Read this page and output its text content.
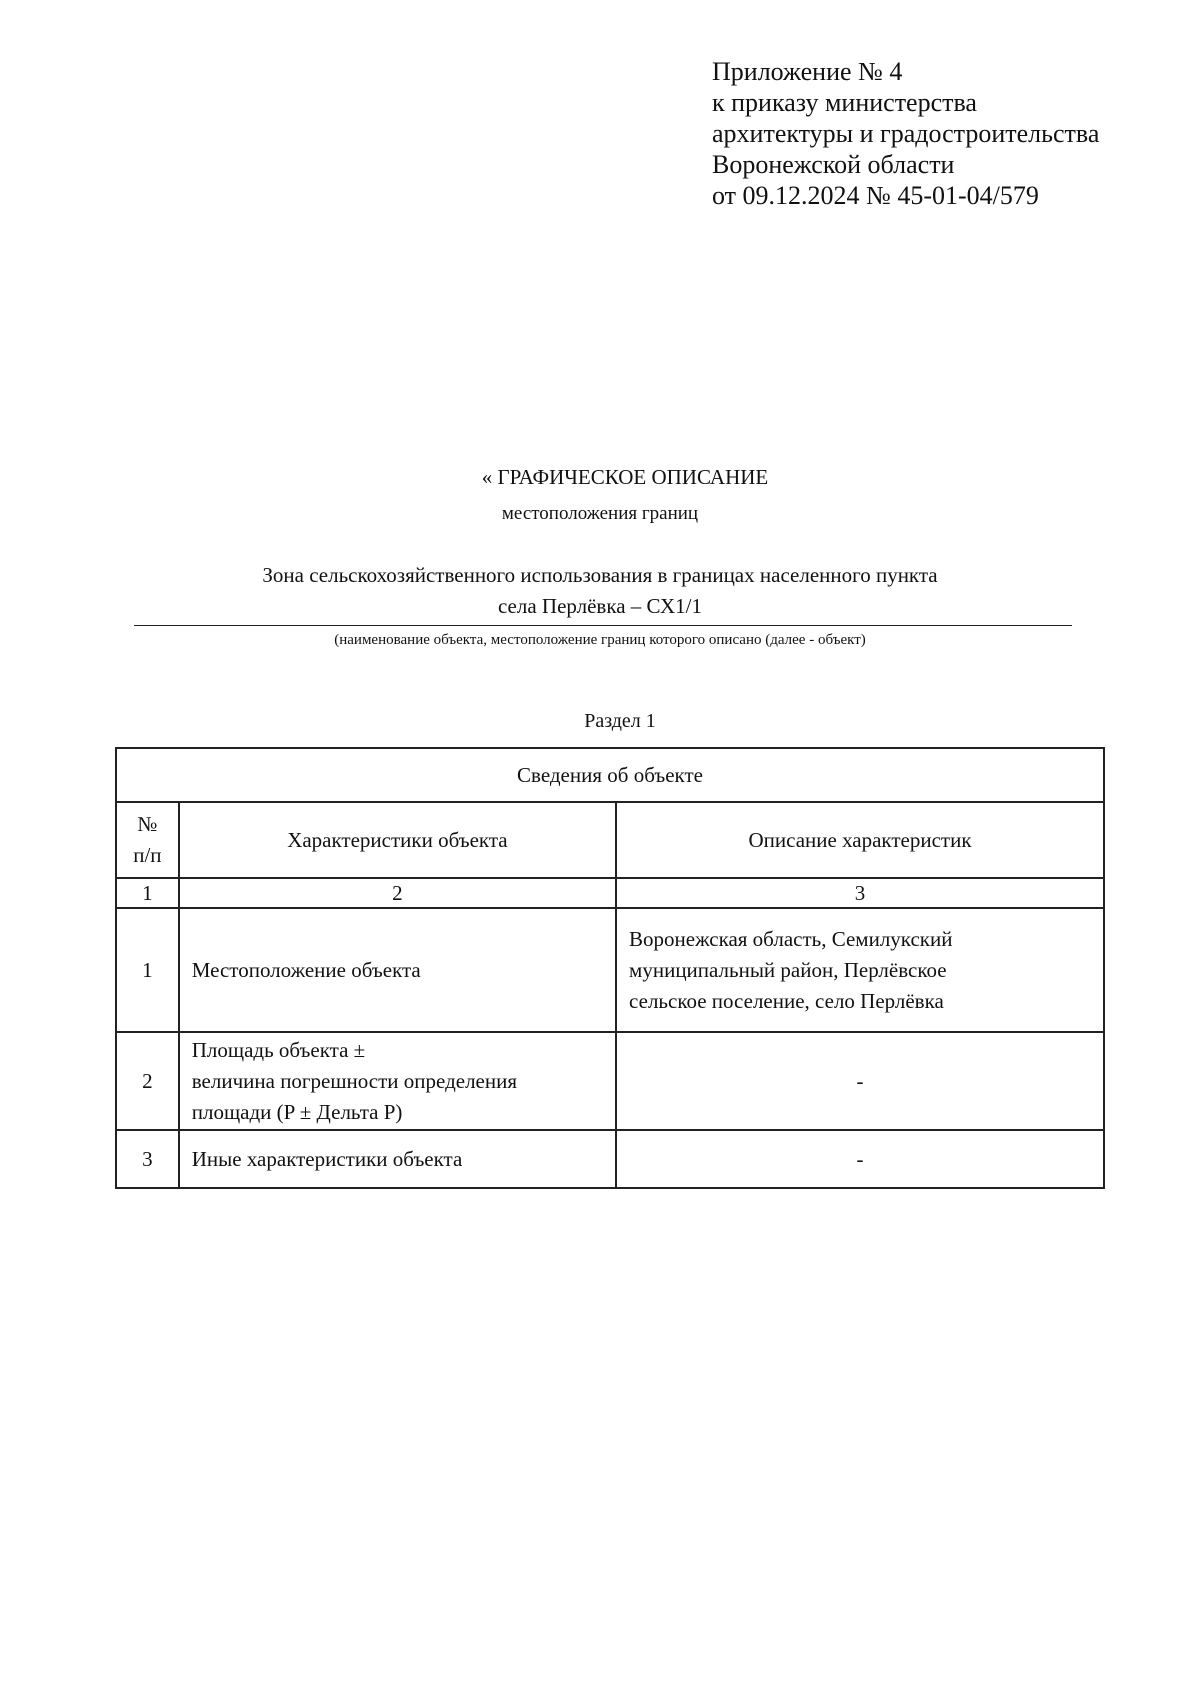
Приложение № 4
к приказу министерства
архитектуры и градостроительства
Воронежской области
от 09.12.2024 № 45-01-04/579
« ГРАФИЧЕСКОЕ ОПИСАНИЕ
местоположения границ
Зона сельскохозяйственного использования в границах населенного пункта
села Перлёвка – СХ1/1
(наименование объекта, местоположение границ которого описано (далее - объект)
Раздел 1
Сведения об объекте		
№
п/п	Характеристики объекта	Описание характеристик
1	2	3
1	Местоположение объекта	Воронежская область, Семилукский
муниципальный район, Перлёвское
сельское поселение, село Перлёвка
2	Площадь объекта ±
величина погрешности определения
площади (P ± Дельта P)	-
3	Иные характеристики объекта	-
